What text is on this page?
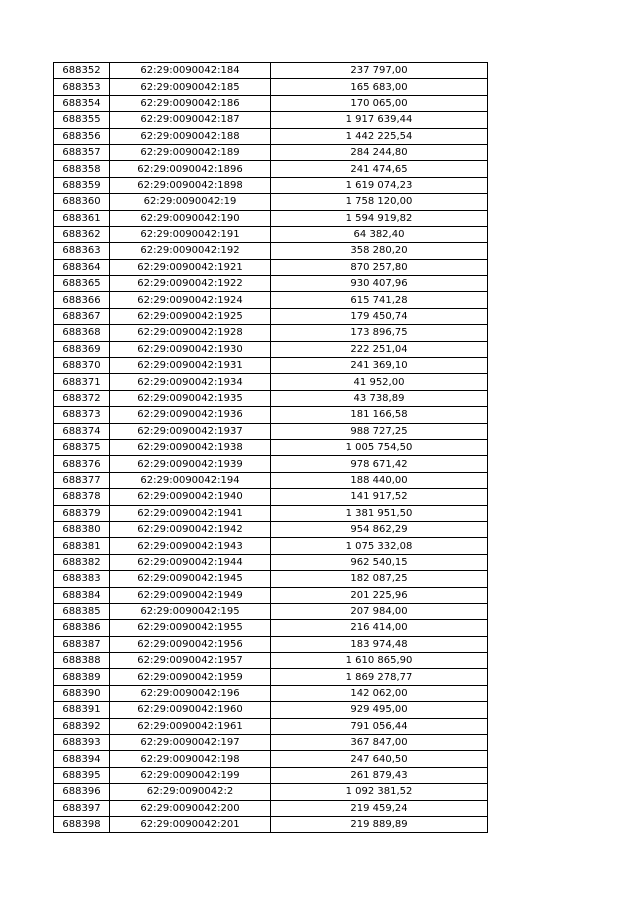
688352	62:29:0090042:184	237 797,00
688353	62:29:0090042:185	165 683,00
688354	62:29:0090042:186	170 065,00
688355	62:29:0090042:187	1 917 639,44
688356	62:29:0090042:188	1 442 225,54
688357	62:29:0090042:189	284 244,80
688358	62:29:0090042:1896	241 474,65
688359	62:29:0090042:1898	1 619 074,23
688360	62:29:0090042:19	1 758 120,00
688361	62:29:0090042:190	1 594 919,82
688362	62:29:0090042:191	64 382,40
688363	62:29:0090042:192	358 280,20
688364	62:29:0090042:1921	870 257,80
688365	62:29:0090042:1922	930 407,96
688366	62:29:0090042:1924	615 741,28
688367	62:29:0090042:1925	179 450,74
688368	62:29:0090042:1928	173 896,75
688369	62:29:0090042:1930	222 251,04
688370	62:29:0090042:1931	241 369,10
688371	62:29:0090042:1934	41 952,00
688372	62:29:0090042:1935	43 738,89
688373	62:29:0090042:1936	181 166,58
688374	62:29:0090042:1937	988 727,25
688375	62:29:0090042:1938	1 005 754,50
688376	62:29:0090042:1939	978 671,42
688377	62:29:0090042:194	188 440,00
688378	62:29:0090042:1940	141 917,52
688379	62:29:0090042:1941	1 381 951,50
688380	62:29:0090042:1942	954 862,29
688381	62:29:0090042:1943	1 075 332,08
688382	62:29:0090042:1944	962 540,15
688383	62:29:0090042:1945	182 087,25
688384	62:29:0090042:1949	201 225,96
688385	62:29:0090042:195	207 984,00
688386	62:29:0090042:1955	216 414,00
688387	62:29:0090042:1956	183 974,48
688388	62:29:0090042:1957	1 610 865,90
688389	62:29:0090042:1959	1 869 278,77
688390	62:29:0090042:196	142 062,00
688391	62:29:0090042:1960	929 495,00
688392	62:29:0090042:1961	791 056,44
688393	62:29:0090042:197	367 847,00
688394	62:29:0090042:198	247 640,50
688395	62:29:0090042:199	261 879,43
688396	62:29:0090042:2	1 092 381,52
688397	62:29:0090042:200	219 459,24
688398	62:29:0090042:201	219 889,89
